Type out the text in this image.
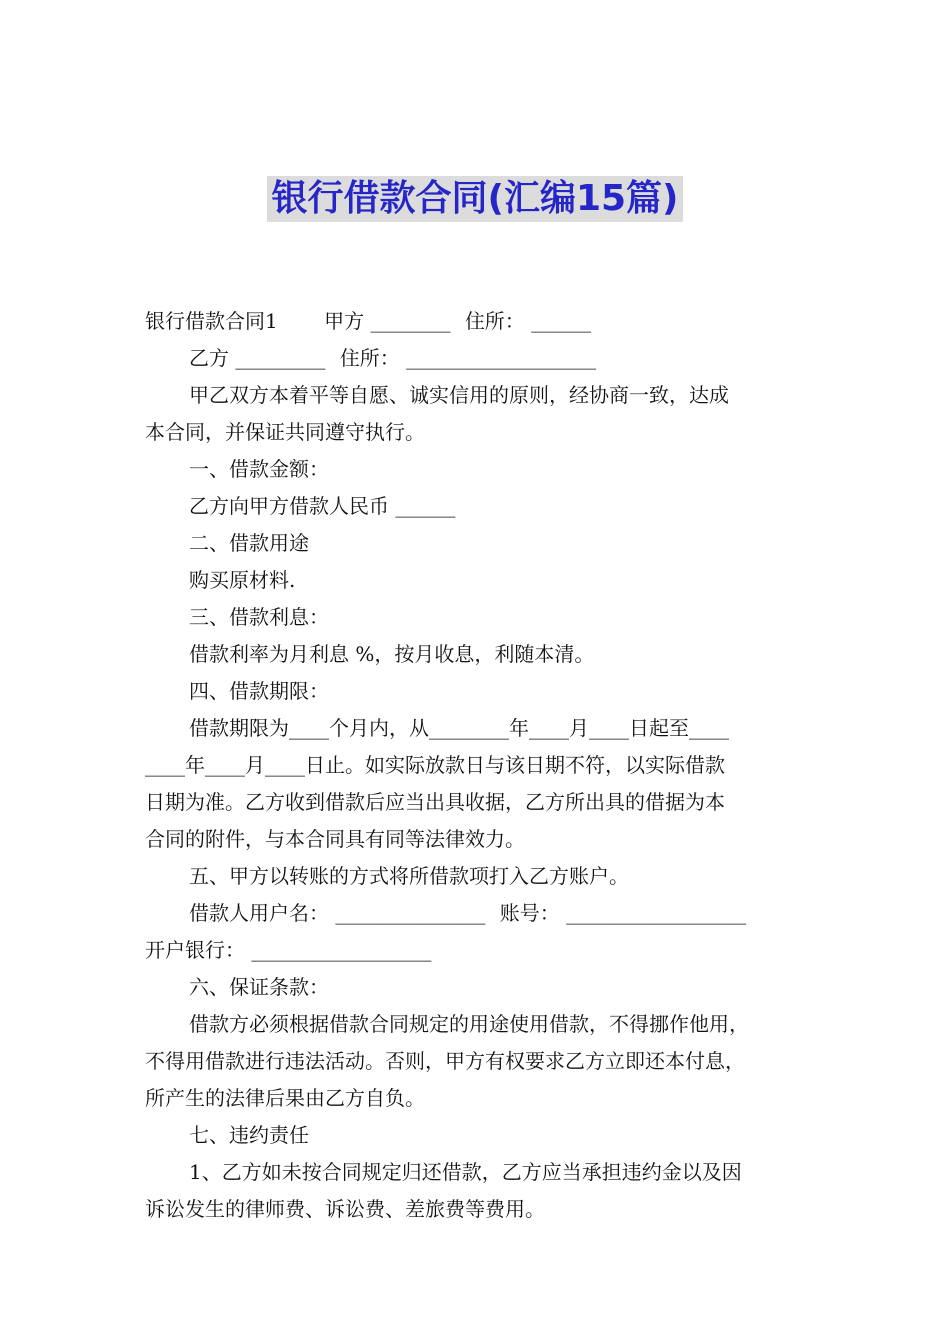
银行借款合同(汇编15篇)
银行借款合同1 甲方 ________ 住所： ______
乙方 _________ 住所： ___________________
甲乙双方本着平等自愿、诚实信用的原则，经协商一致，达成
本合同，并保证共同遵守执行。
一、借款金额：
乙方向甲方借款人民币 ______
二、借款用途
购买原材料.
三、借款利息：
借款利率为月利息 %，按月收息，利随本清。
四、借款期限：
借款期限为____个月内，从________年____月____日起至____
____年____月____日止。如实际放款日与该日期不符，以实际借款
日期为准。乙方收到借款后应当出具收据，乙方所出具的借据为本
合同的附件，与本合同具有同等法律效力。
五、甲方以转账的方式将所借款项打入乙方账户。
借款人用户名： _______________ 账号： __________________
开户银行： __________________
六、保证条款：
借款方必须根据借款合同规定的用途使用借款，不得挪作他用，
不得用借款进行违法活动。否则，甲方有权要求乙方立即还本付息，
所产生的法律后果由乙方自负。
七、违约责任
1、乙方如未按合同规定归还借款，乙方应当承担违约金以及因
诉讼发生的律师费、诉讼费、差旅费等费用。
